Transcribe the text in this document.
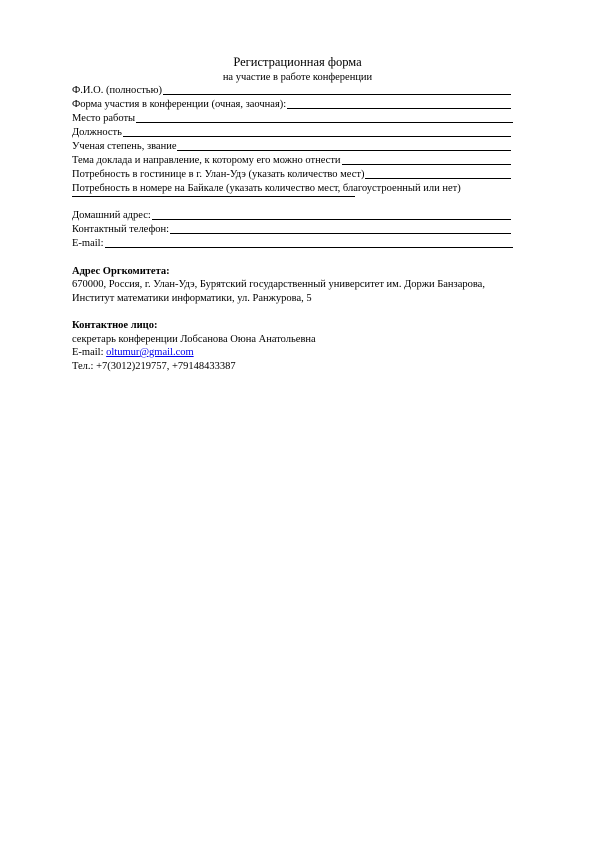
Регистрационная форма
на участие в работе конференции
Ф.И.О. (полностью)
Форма участия в конференции (очная, заочная):
Место работы
Должность
Ученая степень, звание
Тема доклада и направление, к которому его можно отнести
Потребность в гостинице в г. Улан-Удэ (указать количество мест)
Потребность в номере на Байкале (указать количество мест, благоустроенный или нет)
Домашний адрес:
Контактный телефон:
E-mail:
Адрес Оргкомитета:
670000, Россия, г. Улан-Удэ, Бурятский государственный университет им. Доржи Банзарова,
Институт математики информатики, ул. Ранжурова, 5
Контактное лицо:
секретарь конференции Лобсанова Оюна Анатольевна
E-mail: oltumur@gmail.com
Тел.: +7(3012)219757, +79148433387
